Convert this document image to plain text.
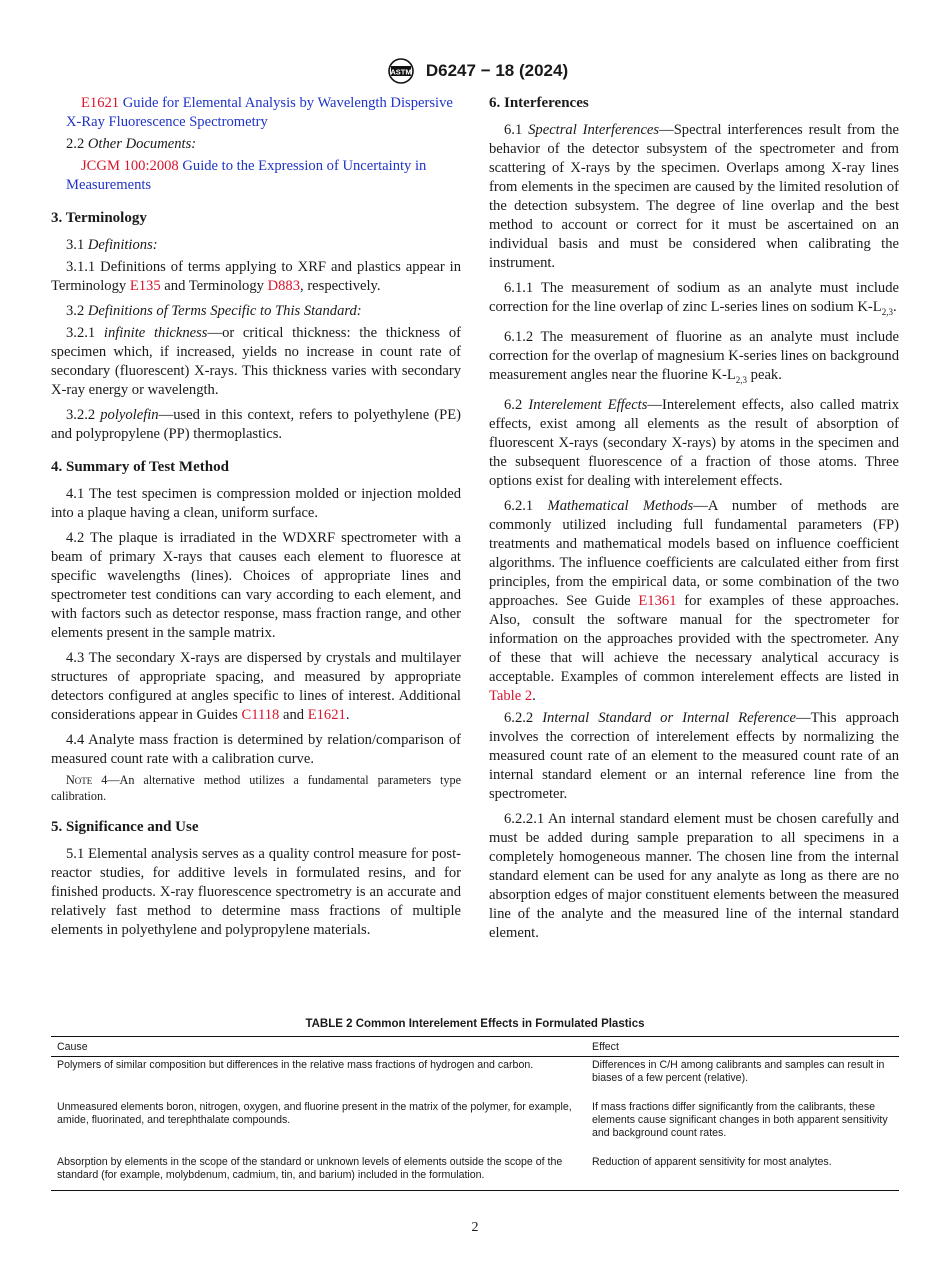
ASTM D6247 − 18 (2024)

E1621 Guide for Elemental Analysis by Wavelength Dispersive X-Ray Fluorescence Spectrometry

2.2 Other Documents:

JCGM 100:2008 Guide to the Expression of Uncertainty in Measurements

3. Terminology

3.1 Definitions:

3.1.1 Definitions of terms applying to XRF and plastics appear in Terminology E135 and Terminology D883, respectively.

3.2 Definitions of Terms Specific to This Standard:

3.2.1 infinite thickness—or critical thickness: the thickness of specimen which, if increased, yields no increase in count rate of secondary (fluorescent) X-rays. This thickness varies with secondary X-ray energy or wavelength.

3.2.2 polyolefin—used in this context, refers to polyethylene (PE) and polypropylene (PP) thermoplastics.

4. Summary of Test Method

4.1 The test specimen is compression molded or injection molded into a plaque having a clean, uniform surface.

4.2 The plaque is irradiated in the WDXRF spectrometer with a beam of primary X-rays that causes each element to fluoresce at specific wavelengths (lines). Choices of appropriate lines and spectrometer test conditions can vary according to each element, and with factors such as detector response, mass fraction range, and other elements present in the sample matrix.

4.3 The secondary X-rays are dispersed by crystals and multilayer structures of appropriate spacing, and measured by appropriate detectors configured at angles specific to lines of interest. Additional considerations appear in Guides C1118 and E1621.

4.4 Analyte mass fraction is determined by relation/comparison of measured count rate with a calibration curve.

Note 4—An alternative method utilizes a fundamental parameters type calibration.

5. Significance and Use

5.1 Elemental analysis serves as a quality control measure for post-reactor studies, for additive levels in formulated resins, and for finished products. X-ray fluorescence spectrometry is an accurate and relatively fast method to determine mass fractions of multiple elements in polyethylene and polypropylene materials.

6. Interferences

6.1 Spectral Interferences—Spectral interferences result from the behavior of the detector subsystem of the spectrometer and from scattering of X-rays by the specimen. Overlaps among X-ray lines from elements in the specimen are caused by the limited resolution of the detection subsystem. The degree of line overlap and the best method to account or correct for it must be ascertained on an individual basis and must be considered when calibrating the instrument.

6.1.1 The measurement of sodium as an analyte must include correction for the line overlap of zinc L-series lines on sodium $K-L_{2,3}$.

6.1.2 The measurement of fluorine as an analyte must include correction for the overlap of magnesium K-series lines on background measurement angles near the fluorine $K-L_{2,3}$ peak.

6.2 Interelement Effects—Interelement effects, also called matrix effects, exist among all elements as the result of absorption of fluorescent X-rays (secondary X-rays) by atoms in the specimen and the subsequent fluorescence of a fraction of those atoms. Three options exist for dealing with interelement effects.

6.2.1 Mathematical Methods—A number of methods are commonly utilized including full fundamental parameters (FP) treatments and mathematical models based on influence coefficient algorithms. The influence coefficients are calculated either from first principles, from the empirical data, or some combination of the two approaches. See Guide E1361 for examples of these approaches. Also, consult the software manual for the spectrometer for information on the approaches provided with the spectrometer. Any of these that will achieve the necessary analytical accuracy is acceptable. Examples of common interelement effects are listed in Table 2.

6.2.2 Internal Standard or Internal Reference—This approach involves the correction of interelement effects by normalizing the measured count rate of an element to the measured count rate of an internal standard element or an internal reference line from the spectrometer.

6.2.2.1 An internal standard element must be chosen carefully and must be added during sample preparation to all specimens in a completely homogeneous manner. The chosen line from the internal standard element can be used for any analyte as long as there are no absorption edges of major constituent elements between the measured line of the analyte and the measured line of the internal standard element.

TABLE 2 Common Interelement Effects in Formulated Plastics
Cause	Effect
Polymers of similar composition but differences in the relative mass fractions of hydrogen and carbon.	Differences in C/H among calibrants and samples can result in biases of a few percent (relative).
Unmeasured elements boron, nitrogen, oxygen, and fluorine present in the matrix of the polymer, for example, amide, fluorinated, and terephthalate compounds.	If mass fractions differ significantly from the calibrants, these elements cause significant changes in both apparent sensitivity and background count rates.
Absorption by elements in the scope of the standard or unknown levels of elements outside the scope of the standard (for example, molybdenum, cadmium, tin, and barium) included in the formulation.	Reduction of apparent sensitivity for most analytes.
2
